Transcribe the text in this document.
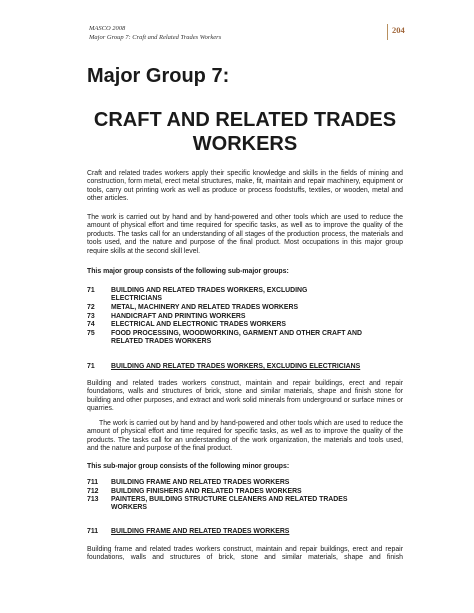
MASCO 2008
Major Group 7: Craft and Related Trades Workers
204
Major Group 7:
CRAFT AND RELATED TRADES WORKERS

Craft and related trades workers apply their specific knowledge and skills in the fields of mining and construction, form metal, erect metal structures, make, fit, maintain and repair machinery, equipment or tools, carry out printing work as well as produce or process foodstuffs, textiles, or wooden, metal and other articles.

The work is carried out by hand and by hand-powered and other tools which are used to reduce the amount of physical effort and time required for specific tasks, as well as to improve the quality of the products. The tasks call for an understanding of all stages of the production process, the materials and tools used, and the nature and purpose of the final product. Most occupations in this major group require skills at the second skill level.

This major group consists of the following sub-major groups:

71 BUILDING AND RELATED TRADES WORKERS, EXCLUDING
ELECTRICIANS
72 METAL, MACHINERY AND RELATED TRADES WORKERS
73 HANDICRAFT AND PRINTING WORKERS
74 ELECTRICAL AND ELECTRONIC TRADES WORKERS
75 FOOD PROCESSING, WOODWORKING, GARMENT AND OTHER CRAFT AND
RELATED TRADES WORKERS
71 BUILDING AND RELATED TRADES WORKERS, EXCLUDING ELECTRICIANS

Building and related trades workers construct, maintain and repair buildings, erect and repair foundations, walls and structures of brick, stone and similar materials, shape and finish stone for building and other purposes, and extract and work solid minerals from underground or surface mines or quarries.

The work is carried out by hand and by hand-powered and other tools which are used to reduce the amount of physical effort and time required for specific tasks, as well as to improve the quality of the products. The tasks call for an understanding of the work organization, the materials and tools used, and the nature and purpose of the final product.

This sub-major group consists of the following minor groups:

711 BUILDING FRAME AND RELATED TRADES WORKERS
712 BUILDING FINISHERS AND RELATED TRADES WORKERS
713 PAINTERS, BUILDING STRUCTURE CLEANERS AND RELATED TRADES
WORKERS
711 BUILDING FRAME AND RELATED TRADES WORKERS

Building frame and related trades workers construct, maintain and repair buildings, erect and repair foundations, walls and structures of brick, stone and similar materials, shape and finish
